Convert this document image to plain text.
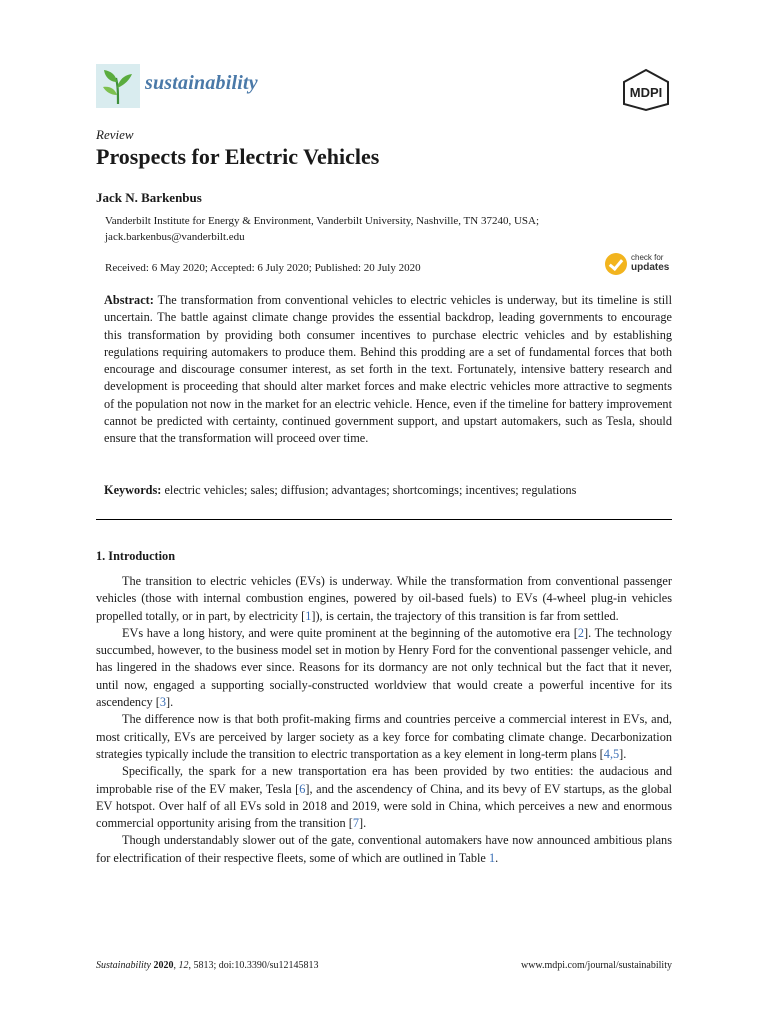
sustainability	MDPI
Review
Prospects for Electric Vehicles
Jack N. Barkenbus
Vanderbilt Institute for Energy & Environment, Vanderbilt University, Nashville, TN 37240, USA;
jack.barkenbus@vanderbilt.edu
Received: 6 May 2020; Accepted: 6 July 2020; Published: 20 July 2020
check for
updates

Abstract: The transformation from conventional vehicles to electric vehicles is underway, but its timeline is still uncertain. The battle against climate change provides the essential backdrop, leading governments to encourage this transformation by providing both consumer incentives to purchase electric vehicles and by establishing regulations requiring automakers to produce them. Behind this prodding are a set of fundamental forces that both encourage and discourage consumer interest, as set forth in the text. Fortunately, intensive battery research and development is proceeding that should alter market forces and make electric vehicles more attractive to segments of the population not now in the market for an electric vehicle. Hence, even if the timeline for battery improvement cannot be predicted with certainty, continued government support, and upstart automakers, such as Tesla, should ensure that the transformation will proceed over time.

Keywords: electric vehicles; sales; diffusion; advantages; shortcomings; incentives; regulations
1. Introduction

The transition to electric vehicles (EVs) is underway. While the transformation from conventional passenger vehicles (those with internal combustion engines, powered by oil-based fuels) to EVs (4-wheel plug-in vehicles propelled totally, or in part, by electricity [1]), is certain, the trajectory of this transition is far from settled.

EVs have a long history, and were quite prominent at the beginning of the automotive era [2]. The technology succumbed, however, to the business model set in motion by Henry Ford for the conventional passenger vehicle, and has lingered in the shadows ever since. Reasons for its dormancy are not only technical but the fact that it never, until now, engaged a supporting socially-constructed worldview that would create a powerful incentive for its ascendency [3].

The difference now is that both profit-making firms and countries perceive a commercial interest in EVs, and, most critically, EVs are perceived by larger society as a key force for combating climate change. Decarbonization strategies typically include the transition to electric transportation as a key element in long-term plans [4,5].

Specifically, the spark for a new transportation era has been provided by two entities: the audacious and improbable rise of the EV maker, Tesla [6], and the ascendency of China, and its bevy of EV startups, as the global EV hotspot. Over half of all EVs sold in 2018 and 2019, were sold in China, which perceives a new and enormous commercial opportunity arising from the transition [7].

Though understandably slower out of the gate, conventional automakers have now announced ambitious plans for electrification of their respective fleets, some of which are outlined in Table 1.

Sustainability 2020, 12, 5813; doi:10.3390/su12145813	www.mdpi.com/journal/sustainability
